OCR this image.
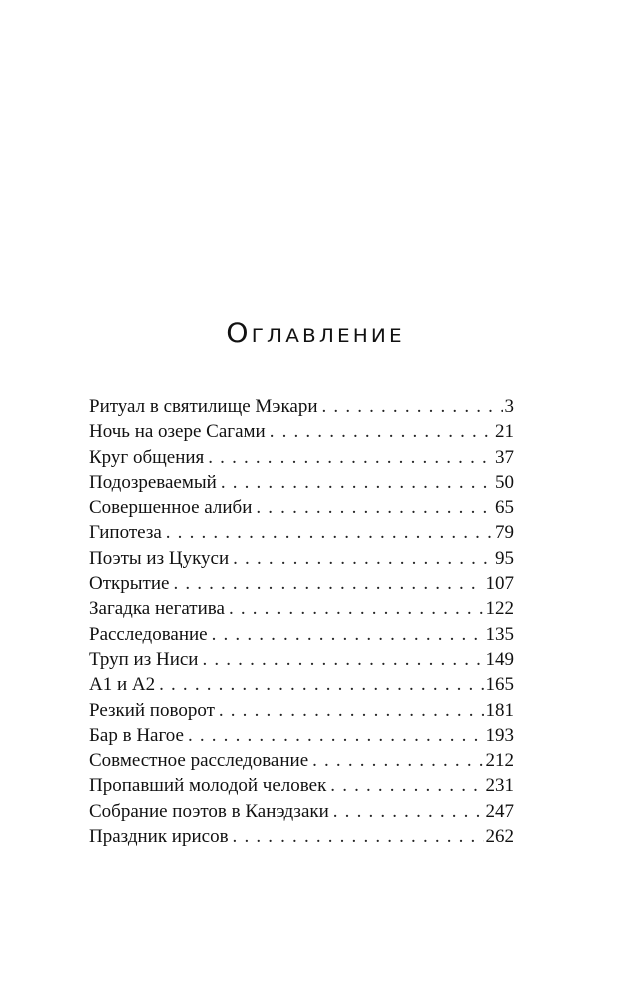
Оглавление
Ритуал в святилище Мэкари . . .	3
Ночь на озере Сагами . . .	21
Круг общения . . .	37
Подозреваемый . . .	50
Совершенное алиби . . .	65
Гипотеза . . .	79
Поэты из Цукуси . . .	95
Открытие . . .	107
Загадка негатива . . .	122
Расследование . . .	135
Труп из Ниси . . .	149
А1 и А2 . . .	165
Резкий поворот . . .	181
Бар в Нагое . . .	193
Совместное расследование . . .	212
Пропавший молодой человек . . .	231
Собрание поэтов в Канэдзаки . . .	247
Праздник ирисов . . .	262
